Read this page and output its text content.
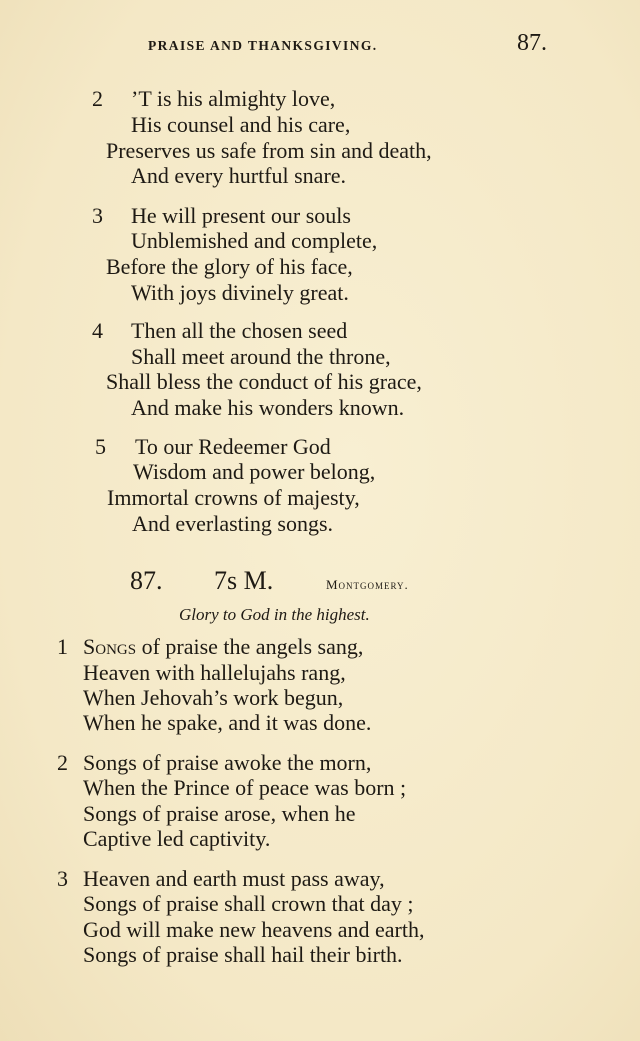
PRAISE AND THANKSGIVING.	87.
2 ’T is his almighty love,
His counsel and his care,
Preserves us safe from sin and death,
And every hurtful snare.
3 He will present our souls
Unblemished and complete,
Before the glory of his face,
With joys divinely great.
4 Then all the chosen seed
Shall meet around the throne,
Shall bless the conduct of his grace,
And make his wonders known.
5 To our Redeemer God
Wisdom and power belong,
Immortal crowns of majesty,
And everlasting songs.
87. 7s M.	Montgomery.
Glory to God in the highest.
1 Songs of praise the angels sang,
Heaven with hallelujahs rang,
When Jehovah’s work begun,
When he spake, and it was done.
2 Songs of praise awoke the morn,
When the Prince of peace was born ;
Songs of praise arose, when he
Captive led captivity.
3 Heaven and earth must pass away,
Songs of praise shall crown that day ;
God will make new heavens and earth,
Songs of praise shall hail their birth.
